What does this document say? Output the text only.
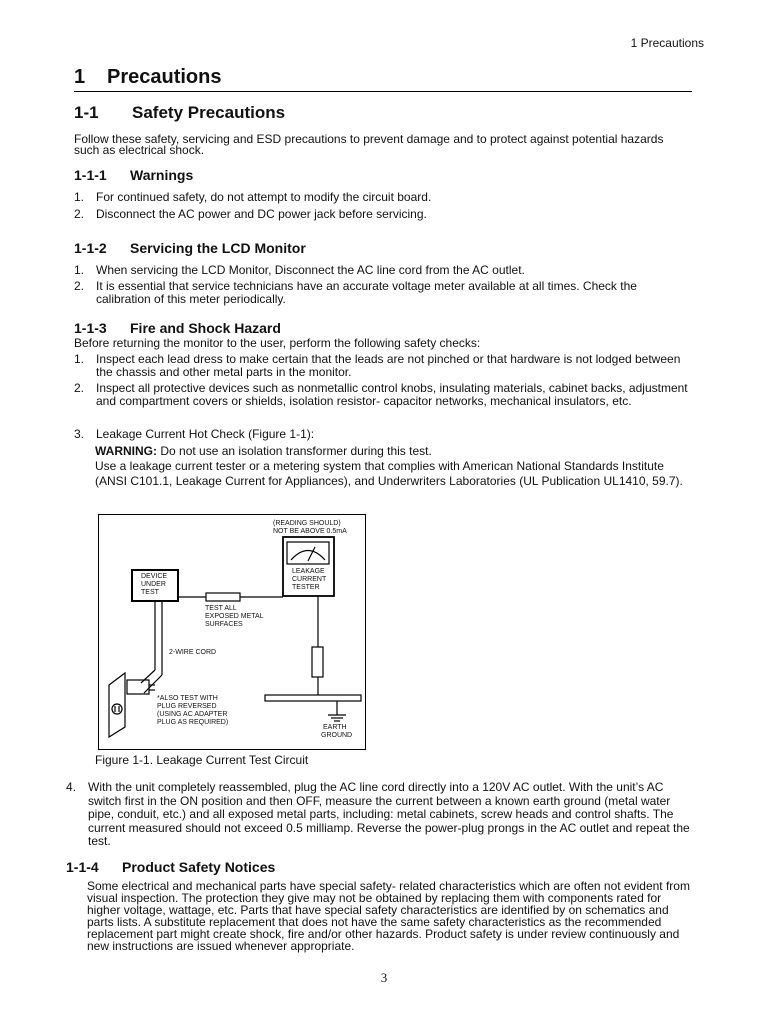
1 Precautions
1 Precautions
1-1 Safety Precautions
Follow these safety, servicing and ESD precautions to prevent damage and to protect against potential hazards such as electrical shock.
1-1-1 Warnings
1. For continued safety, do not attempt to modify the circuit board.
2. Disconnect the AC power and DC power jack before servicing.
1-1-2 Servicing the LCD Monitor
1. When servicing the LCD Monitor, Disconnect the AC line cord from the AC outlet.
2. It is essential that service technicians have an accurate voltage meter available at all times. Check the calibration of this meter periodically.
1-1-3 Fire and Shock Hazard
Before returning the monitor to the user, perform the following safety checks:
1. Inspect each lead dress to make certain that the leads are not pinched or that hardware is not lodged between the chassis and other metal parts in the monitor.
2. Inspect all protective devices such as nonmetallic control knobs, insulating materials, cabinet backs, adjustment and compartment covers or shields, isolation resistor- capacitor networks, mechanical insulators, etc.
3. Leakage Current Hot Check (Figure 1-1):
WARNING: Do not use an isolation transformer during this test.
Use a leakage current tester or a metering system that complies with American National Standards Institute (ANSI C101.1, Leakage Current for Appliances), and Underwriters Laboratories (UL Publication UL1410, 59.7).
(READING SHOULD)
NOT BE ABOVE 0.5mA
DEVICE
UNDER
TEST
LEAKAGE
CURRENT
TESTER
TEST ALL
EXPOSED METAL
SURFACES
2-WIRE CORD
*ALSO TEST WITH
PLUG REVERSED
(USING AC ADAPTER
PLUG AS REQUIRED)
EARTH
GROUND
Figure 1-1. Leakage Current Test Circuit
4. With the unit completely reassembled, plug the AC line cord directly into a 120V AC outlet. With the unit’s AC switch first in the ON position and then OFF, measure the current between a known earth ground (metal water pipe, conduit, etc.) and all exposed metal parts, including: metal cabinets, screw heads and control shafts. The current measured should not exceed 0.5 milliamp. Reverse the power-plug prongs in the AC outlet and repeat the test.
1-1-4 Product Safety Notices
Some electrical and mechanical parts have special safety- related characteristics which are often not evident from visual inspection. The protection they give may not be obtained by replacing them with components rated for higher voltage, wattage, etc. Parts that have special safety characteristics are identified by on schematics and parts lists. A substitute replacement that does not have the same safety characteristics as the recommended replacement part might create shock, fire and/or other hazards. Product safety is under review continuously and new instructions are issued whenever appropriate.
3
